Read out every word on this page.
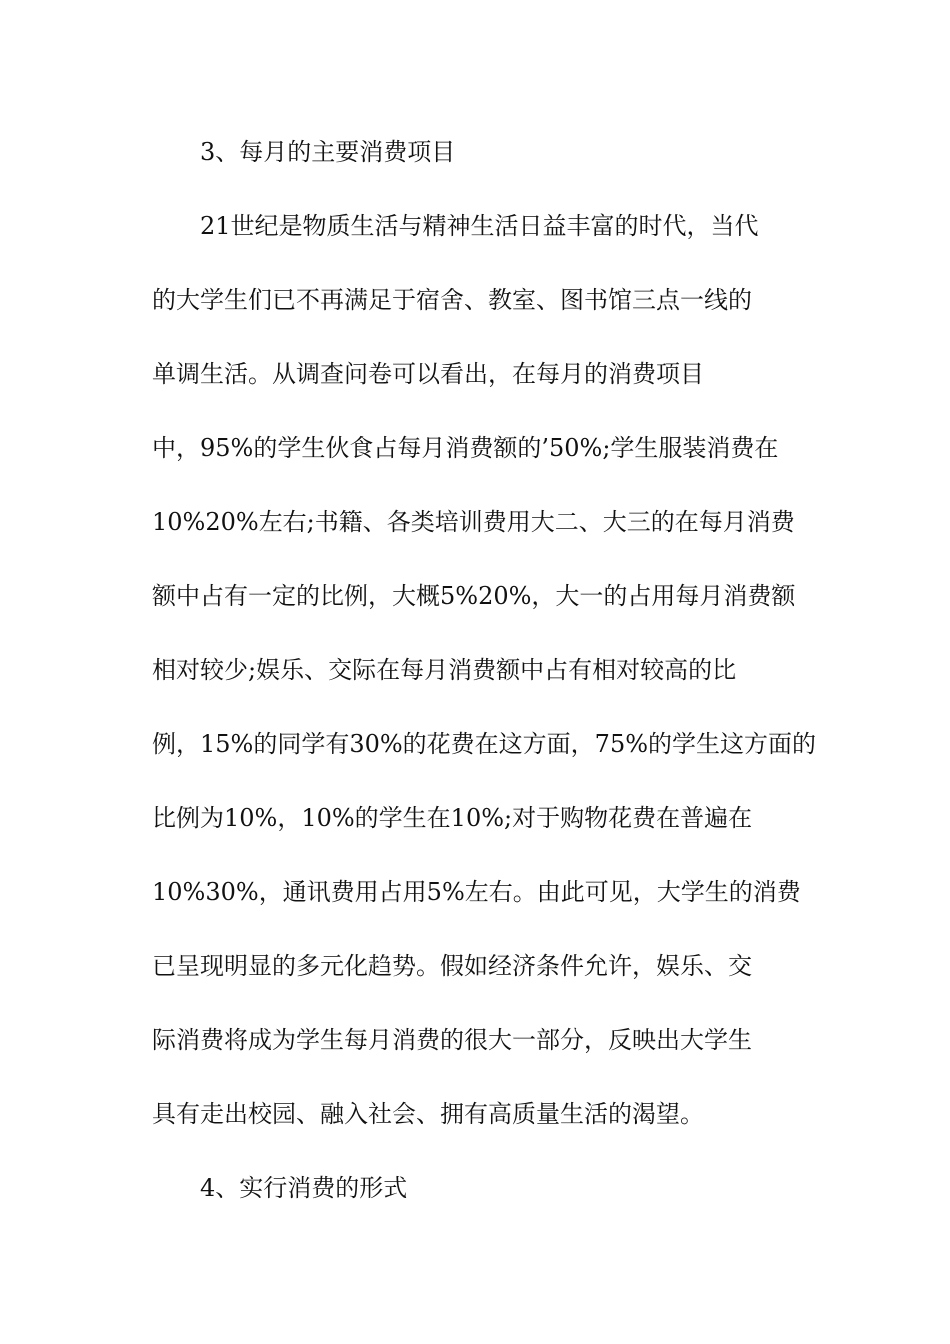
3、每月的主要消费项目

21世纪是物质生活与精神生活日益丰富的时代，当代

的大学生们已不再满足于宿舍、教室、图书馆三点一线的

单调生活。从调查问卷可以看出，在每月的消费项目

中，95%的学生伙食占每月消费额的’50%;学生服装消费在

10%20%左右;书籍、各类培训费用大二、大三的在每月消费

额中占有一定的比例，大概5%20%，大一的占用每月消费额

相对较少;娱乐、交际在每月消费额中占有相对较高的比

例，15%的同学有30%的花费在这方面，75%的学生这方面的

比例为10%，10%的学生在10%;对于购物花费在普遍在

10%30%，通讯费用占用5%左右。由此可见，大学生的消费

已呈现明显的多元化趋势。假如经济条件允许，娱乐、交

际消费将成为学生每月消费的很大一部分，反映出大学生

具有走出校园、融入社会、拥有高质量生活的渴望。

4、实行消费的形式
